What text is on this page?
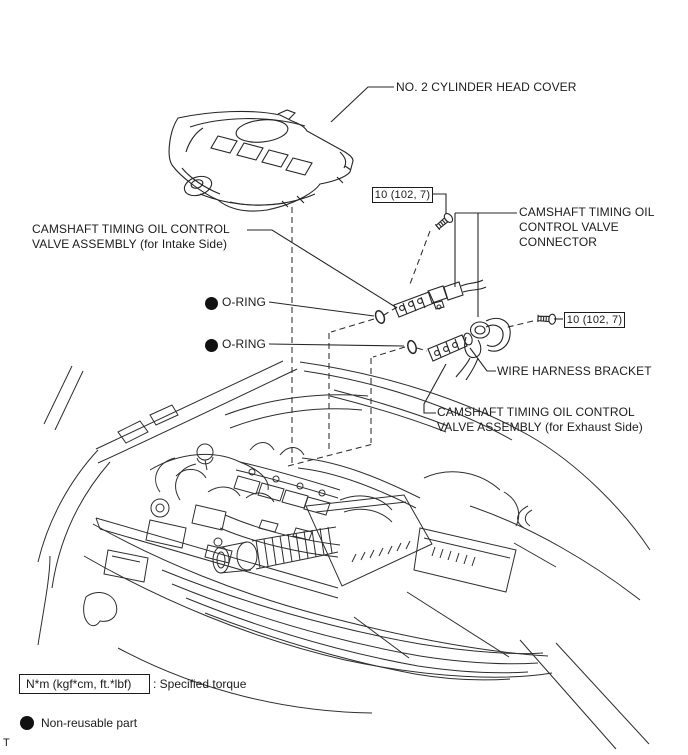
NO. 2 CYLINDER HEAD COVER
CAMSHAFT TIMING OIL CONTROL
VALVE ASSEMBLY (for Intake Side)
CAMSHAFT TIMING OIL
CONTROL VALVE
CONNECTOR
O-RING
O-RING
10 (102, 7)
10 (102, 7)
WIRE HARNESS BRACKET
CAMSHAFT TIMING OIL CONTROL
VALVE ASSEMBLY (for Exhaust Side)
N*m (kgf*cm, ft.*lbf) : Specified torque
Non-reusable part
T
